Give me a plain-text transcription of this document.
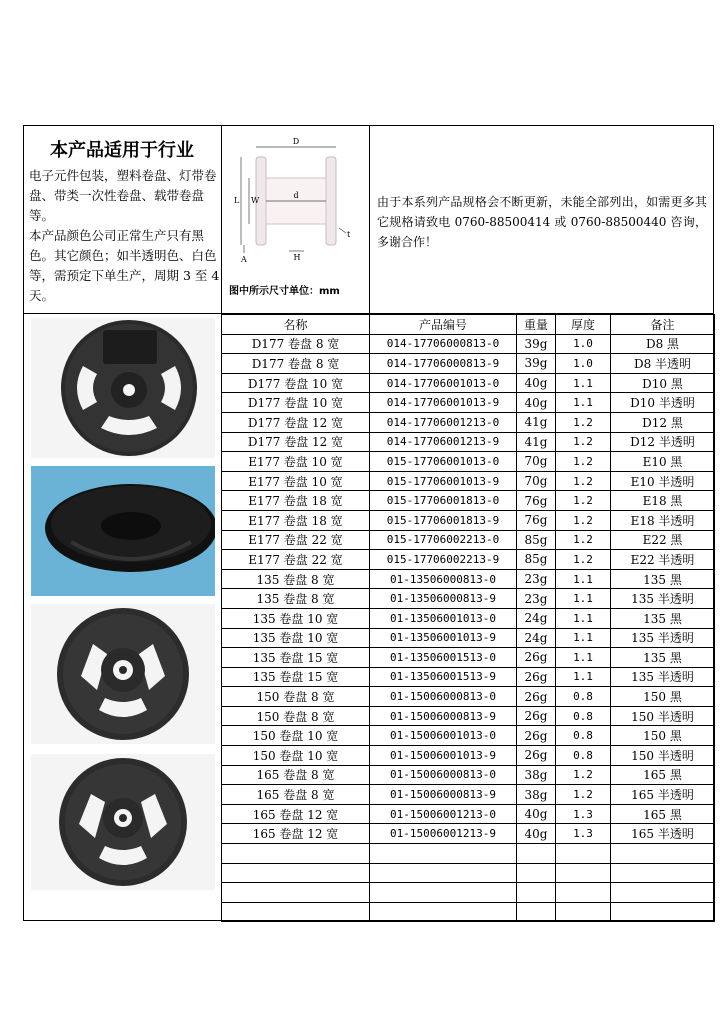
本产品适用于行业

电子元件包装，塑料卷盘、灯带卷盘、带类一次性卷盘、载带卷盘等。

本产品颜色公司正常生产只有黑色。其它颜色；如半透明色、白色等，需预定下单生产，周期 3 至 4 天。

D
d
L W
H
A
t
图中所示尺寸单位：mm
由于本系列产品规格会不断更新，未能全部列出，如需更多其它规格请致电 0760-88500414 或 0760-88500440 咨询，多谢合作！
名称	产品编号	重量	厚度	备注
D177 卷盘 8 宽	014-17706000813-0	39g	1.0	D8 黑
D177 卷盘 8 宽	014-17706000813-9	39g	1.0	D8 半透明
D177 卷盘 10 宽	014-17706001013-0	40g	1.1	D10 黑
D177 卷盘 10 宽	014-17706001013-9	40g	1.1	D10 半透明
D177 卷盘 12 宽	014-17706001213-0	41g	1.2	D12 黑
D177 卷盘 12 宽	014-17706001213-9	41g	1.2	D12 半透明
E177 卷盘 10 宽	015-17706001013-0	70g	1.2	E10 黑
E177 卷盘 10 宽	015-17706001013-9	70g	1.2	E10 半透明
E177 卷盘 18 宽	015-17706001813-0	76g	1.2	E18 黑
E177 卷盘 18 宽	015-17706001813-9	76g	1.2	E18 半透明
E177 卷盘 22 宽	015-17706002213-0	85g	1.2	E22 黑
E177 卷盘 22 宽	015-17706002213-9	85g	1.2	E22 半透明
135 卷盘 8 宽	01-13506000813-0	23g	1.1	135 黑
135 卷盘 8 宽	01-13506000813-9	23g	1.1	135 半透明
135 卷盘 10 宽	01-13506001013-0	24g	1.1	135 黑
135 卷盘 10 宽	01-13506001013-9	24g	1.1	135 半透明
135 卷盘 15 宽	01-13506001513-0	26g	1.1	135 黑
135 卷盘 15 宽	01-13506001513-9	26g	1.1	135 半透明
150 卷盘 8 宽	01-15006000813-0	26g	0.8	150 黑
150 卷盘 8 宽	01-15006000813-9	26g	0.8	150 半透明
150 卷盘 10 宽	01-15006001013-0	26g	0.8	150 黑
150 卷盘 10 宽	01-15006001013-9	26g	0.8	150 半透明
165 卷盘 8 宽	01-15006000813-0	38g	1.2	165 黑
165 卷盘 8 宽	01-15006000813-9	38g	1.2	165 半透明
165 卷盘 12 宽	01-15006001213-0	40g	1.3	165 黑
165 卷盘 12 宽	01-15006001213-9	40g	1.3	165 半透明
